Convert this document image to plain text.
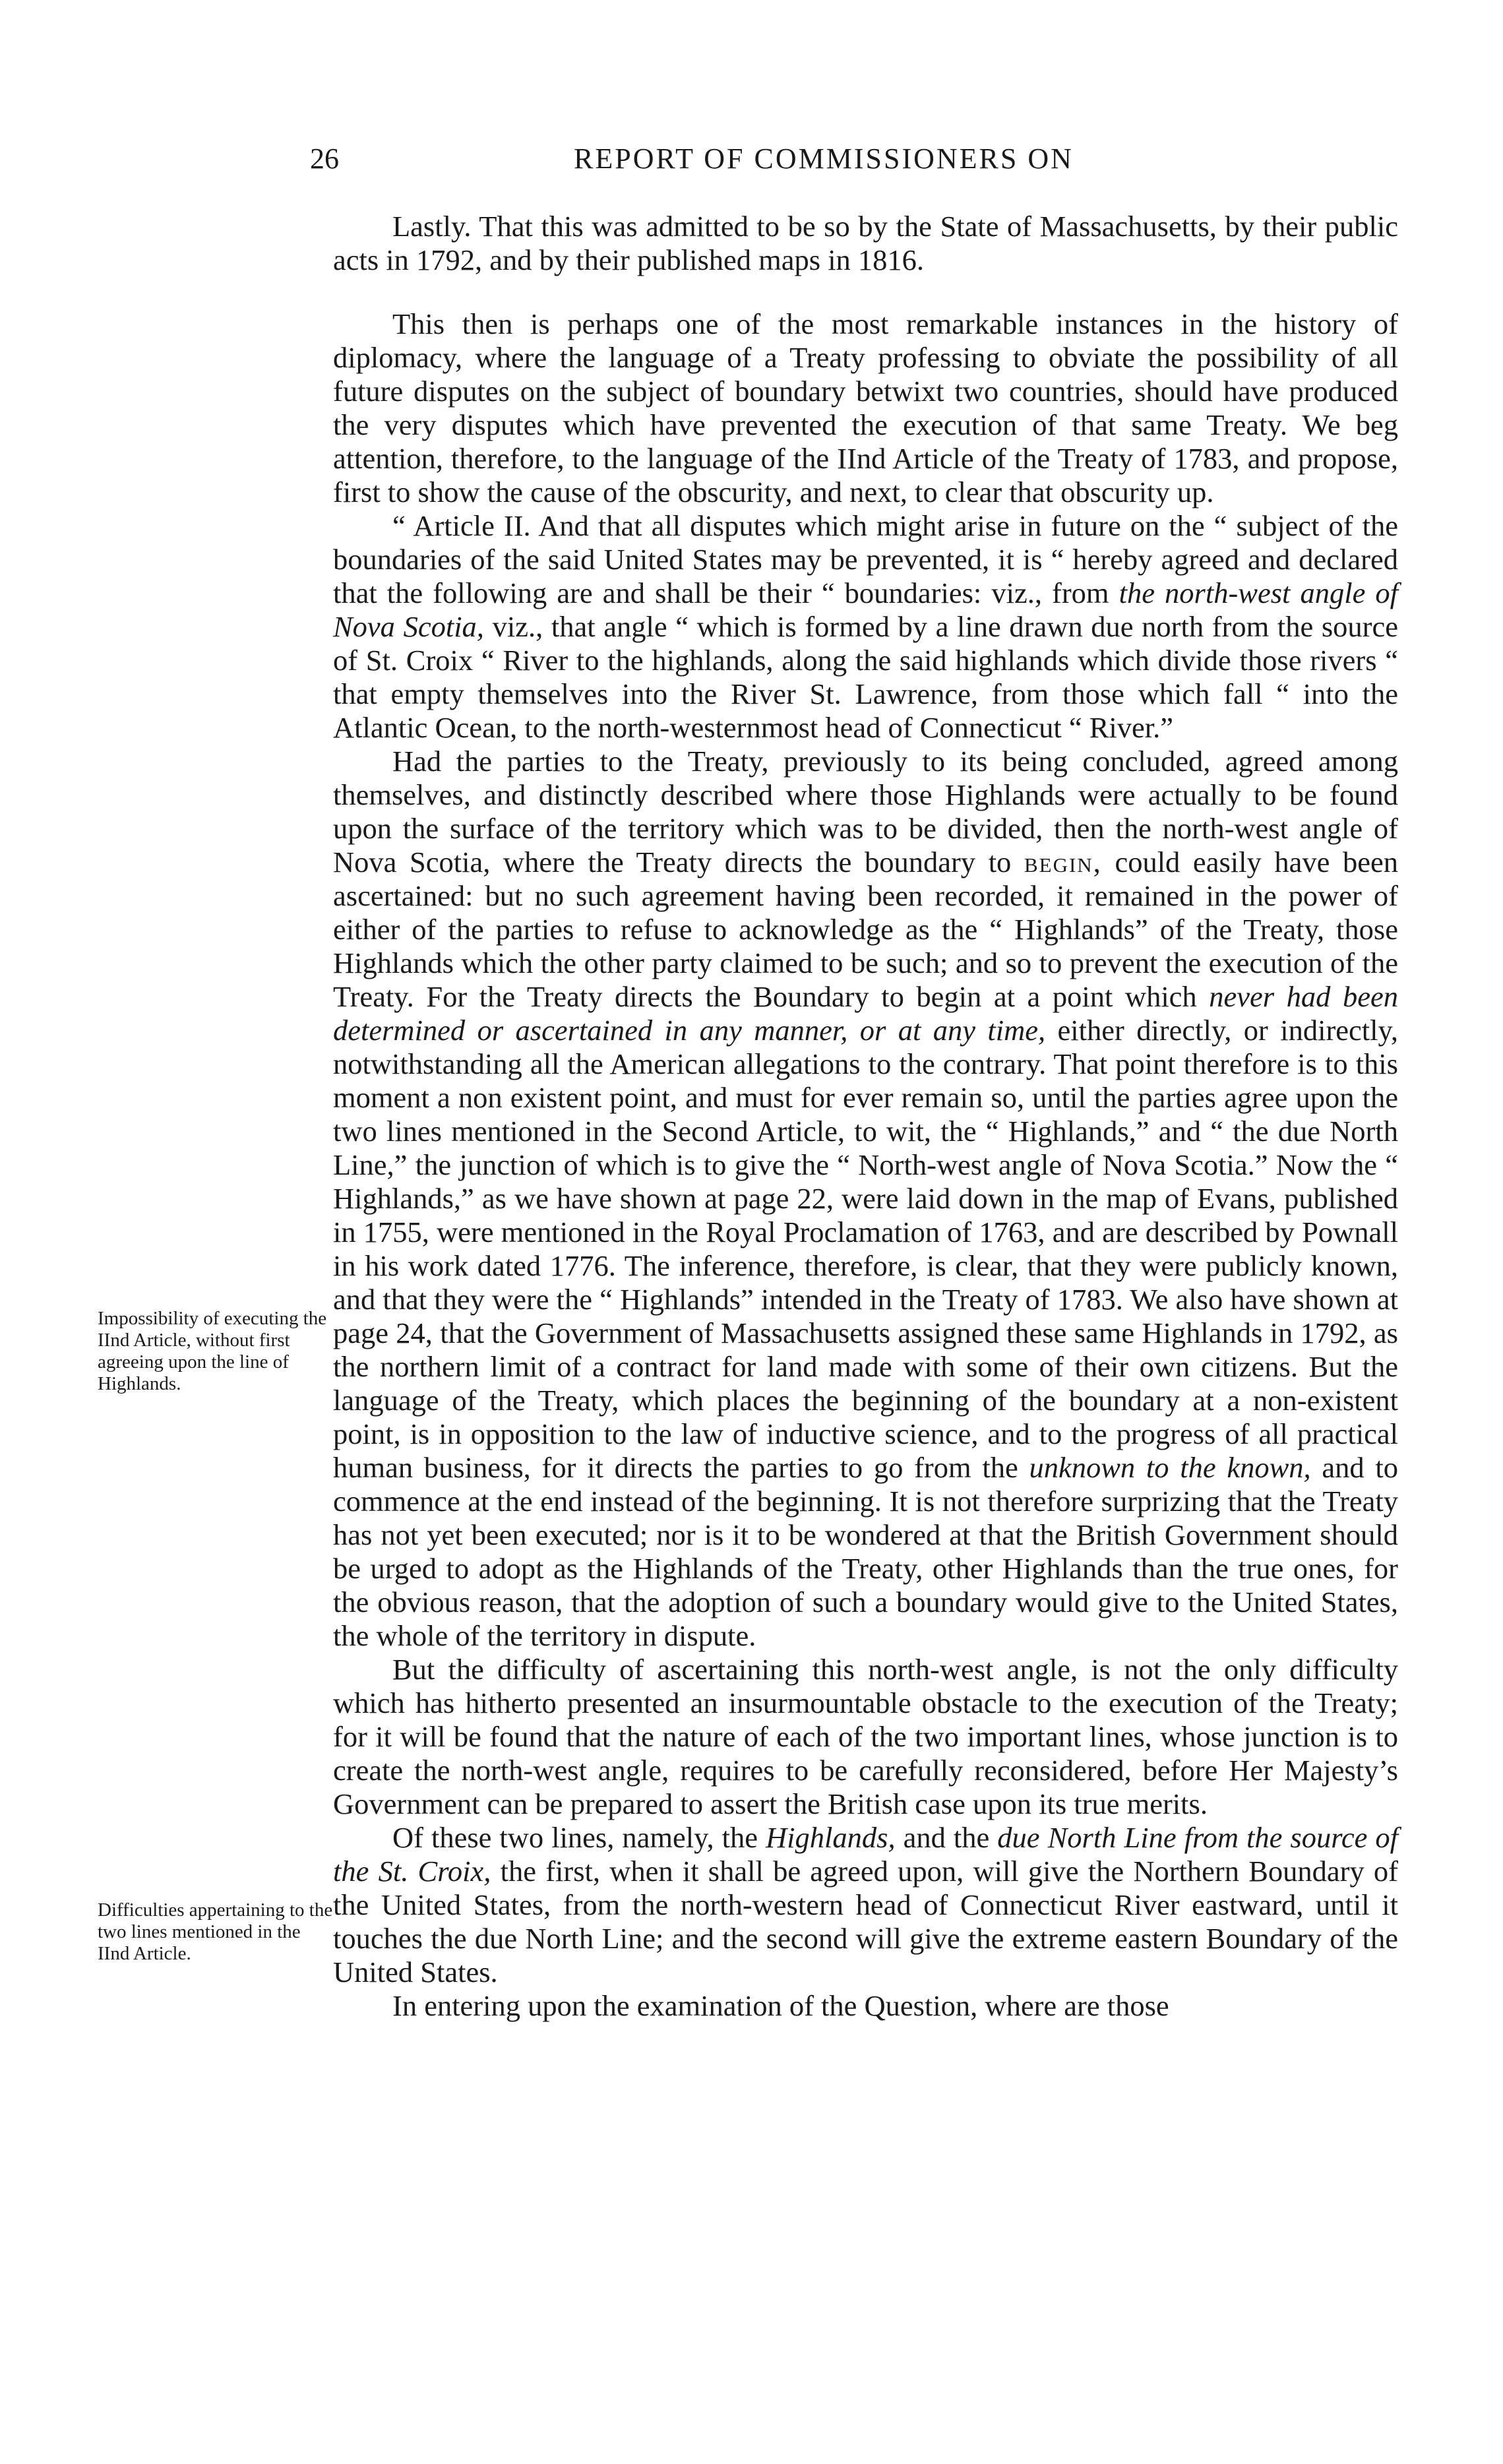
26	REPORT OF COMMISSIONERS ON
Impossibility of executing the IInd Article, without first agreeing upon the line of Highlands.
Difficulties appertaining to the two lines mentioned in the IInd Article.

Lastly. That this was admitted to be so by the State of Massachusetts, by their public acts in 1792, and by their published maps in 1816.

This then is perhaps one of the most remarkable instances in the history of diplomacy, where the language of a Treaty professing to obviate the possibility of all future disputes on the subject of boundary betwixt two countries, should have produced the very disputes which have prevented the execution of that same Treaty. We beg attention, therefore, to the language of the IInd Article of the Treaty of 1783, and propose, first to show the cause of the obscurity, and next, to clear that obscurity up.

“ Article II. And that all disputes which might arise in future on the “ subject of the boundaries of the said United States may be prevented, it is “ hereby agreed and declared that the following are and shall be their “ boundaries: viz., from the north-west angle of Nova Scotia, viz., that angle “ which is formed by a line drawn due north from the source of St. Croix “ River to the highlands, along the said highlands which divide those rivers “ that empty themselves into the River St. Lawrence, from those which fall “ into the Atlantic Ocean, to the north-westernmost head of Connecticut “ River.”

Had the parties to the Treaty, previously to its being concluded, agreed among themselves, and distinctly described where those Highlands were actually to be found upon the surface of the territory which was to be divided, then the north-west angle of Nova Scotia, where the Treaty directs the boundary to begin, could easily have been ascertained: but no such agreement having been recorded, it remained in the power of either of the parties to refuse to acknowledge as the “ Highlands” of the Treaty, those Highlands which the other party claimed to be such; and so to prevent the execution of the Treaty. For the Treaty directs the Boundary to begin at a point which never had been determined or ascertained in any manner, or at any time, either directly, or indirectly, notwithstanding all the American allegations to the contrary. That point therefore is to this moment a non existent point, and must for ever remain so, until the parties agree upon the two lines mentioned in the Second Article, to wit, the “ Highlands,” and “ the due North Line,” the junction of which is to give the “ North-west angle of Nova Scotia.” Now the “ Highlands,” as we have shown at page 22, were laid down in the map of Evans, published in 1755, were mentioned in the Royal Proclamation of 1763, and are described by Pownall in his work dated 1776. The inference, therefore, is clear, that they were publicly known, and that they were the “ Highlands” intended in the Treaty of 1783. We also have shown at page 24, that the Government of Massachusetts assigned these same Highlands in 1792, as the northern limit of a contract for land made with some of their own citizens. But the language of the Treaty, which places the beginning of the boundary at a non-existent point, is in opposition to the law of inductive science, and to the progress of all practical human business, for it directs the parties to go from the unknown to the known, and to commence at the end instead of the beginning. It is not therefore surprizing that the Treaty has not yet been executed; nor is it to be wondered at that the British Government should be urged to adopt as the Highlands of the Treaty, other Highlands than the true ones, for the obvious reason, that the adoption of such a boundary would give to the United States, the whole of the territory in dispute.

But the difficulty of ascertaining this north-west angle, is not the only difficulty which has hitherto presented an insurmountable obstacle to the execution of the Treaty; for it will be found that the nature of each of the two important lines, whose junction is to create the north-west angle, requires to be carefully reconsidered, before Her Majesty’s Government can be prepared to assert the British case upon its true merits.

Of these two lines, namely, the Highlands, and the due North Line from the source of the St. Croix, the first, when it shall be agreed upon, will give the Northern Boundary of the United States, from the north-western head of Connecticut River eastward, until it touches the due North Line; and the second will give the extreme eastern Boundary of the United States.

In entering upon the examination of the Question, where are those
